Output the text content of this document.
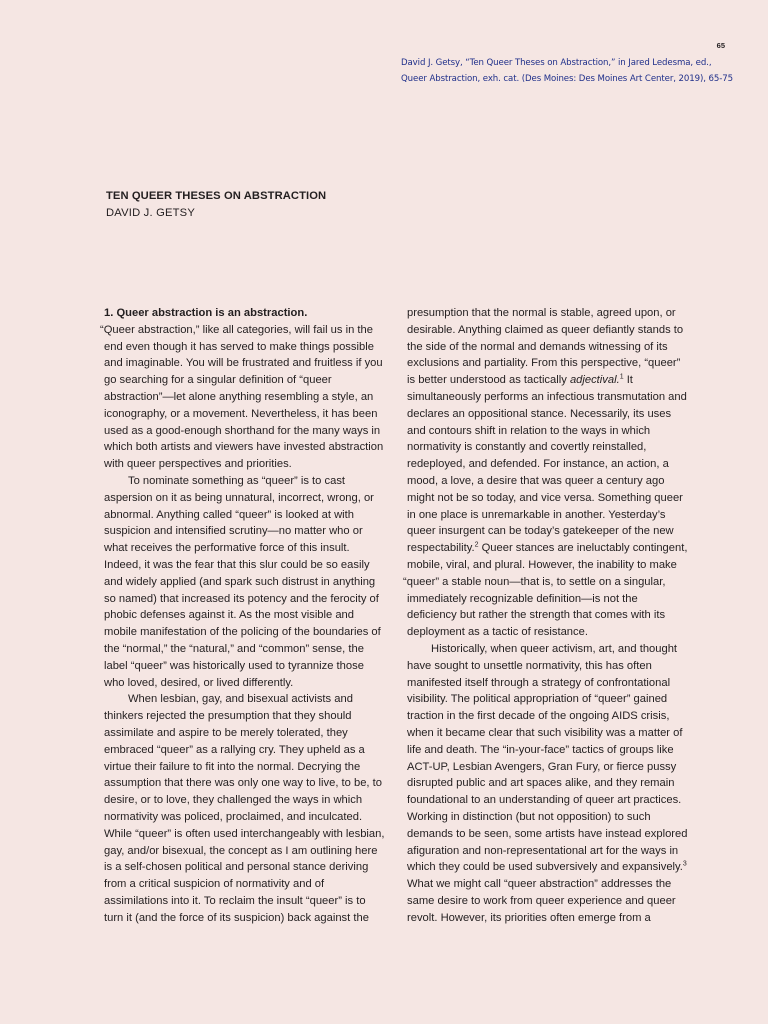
65
David J. Getsy, “Ten Queer Theses on Abstraction,” in Jared Ledesma, ed.,
Queer Abstraction, exh. cat. (Des Moines: Des Moines Art Center, 2019), 65-75
TEN QUEER THESES ON ABSTRACTION
DAVID J. GETSY
1. Queer abstraction is an abstraction.
“Queer abstraction,” like all categories, will fail us in the
end even though it has served to make things possible
and imaginable. You will be frustrated and fruitless if you
go searching for a singular definition of “queer
abstraction”—let alone anything resembling a style, an
iconography, or a movement. Nevertheless, it has been
used as a good-enough shorthand for the many ways in
which both artists and viewers have invested abstraction
with queer perspectives and priorities.
To nominate something as “queer” is to cast
aspersion on it as being unnatural, incorrect, wrong, or
abnormal. Anything called “queer” is looked at with
suspicion and intensified scrutiny—no matter who or
what receives the performative force of this insult.
Indeed, it was the fear that this slur could be so easily
and widely applied (and spark such distrust in anything
so named) that increased its potency and the ferocity of
phobic defenses against it. As the most visible and
mobile manifestation of the policing of the boundaries of
the “normal,” the “natural,” and “common” sense, the
label “queer” was historically used to tyrannize those
who loved, desired, or lived differently.
When lesbian, gay, and bisexual activists and
thinkers rejected the presumption that they should
assimilate and aspire to be merely tolerated, they
embraced “queer” as a rallying cry. They upheld as a
virtue their failure to fit into the normal. Decrying the
assumption that there was only one way to live, to be, to
desire, or to love, they challenged the ways in which
normativity was policed, proclaimed, and inculcated.
While “queer” is often used interchangeably with lesbian,
gay, and/or bisexual, the concept as I am outlining here
is a self-chosen political and personal stance deriving
from a critical suspicion of normativity and of
assimilations into it. To reclaim the insult “queer” is to
turn it (and the force of its suspicion) back against the
presumption that the normal is stable, agreed upon, or
desirable. Anything claimed as queer defiantly stands to
the side of the normal and demands witnessing of its
exclusions and partiality. From this perspective, “queer”
is better understood as tactically adjectival.$^1$ It
simultaneously performs an infectious transmutation and
declares an oppositional stance. Necessarily, its uses
and contours shift in relation to the ways in which
normativity is constantly and covertly reinstalled,
redeployed, and defended. For instance, an action, a
mood, a love, a desire that was queer a century ago
might not be so today, and vice versa. Something queer
in one place is unremarkable in another. Yesterday’s
queer insurgent can be today’s gatekeeper of the new
respectability.$^2$ Queer stances are ineluctably contingent,
mobile, viral, and plural. However, the inability to make
“queer” a stable noun—that is, to settle on a singular,
immediately recognizable definition—is not the
deficiency but rather the strength that comes with its
deployment as a tactic of resistance.
Historically, when queer activism, art, and thought
have sought to unsettle normativity, this has often
manifested itself through a strategy of confrontational
visibility. The political appropriation of “queer” gained
traction in the first decade of the ongoing AIDS crisis,
when it became clear that such visibility was a matter of
life and death. The “in-your-face” tactics of groups like
ACT-UP, Lesbian Avengers, Gran Fury, or fierce pussy
disrupted public and art spaces alike, and they remain
foundational to an understanding of queer art practices.
Working in distinction (but not opposition) to such
demands to be seen, some artists have instead explored
afiguration and non-representational art for the ways in
which they could be used subversively and expansively.$^3$
What we might call “queer abstraction” addresses the
same desire to work from queer experience and queer
revolt. However, its priorities often emerge from a
